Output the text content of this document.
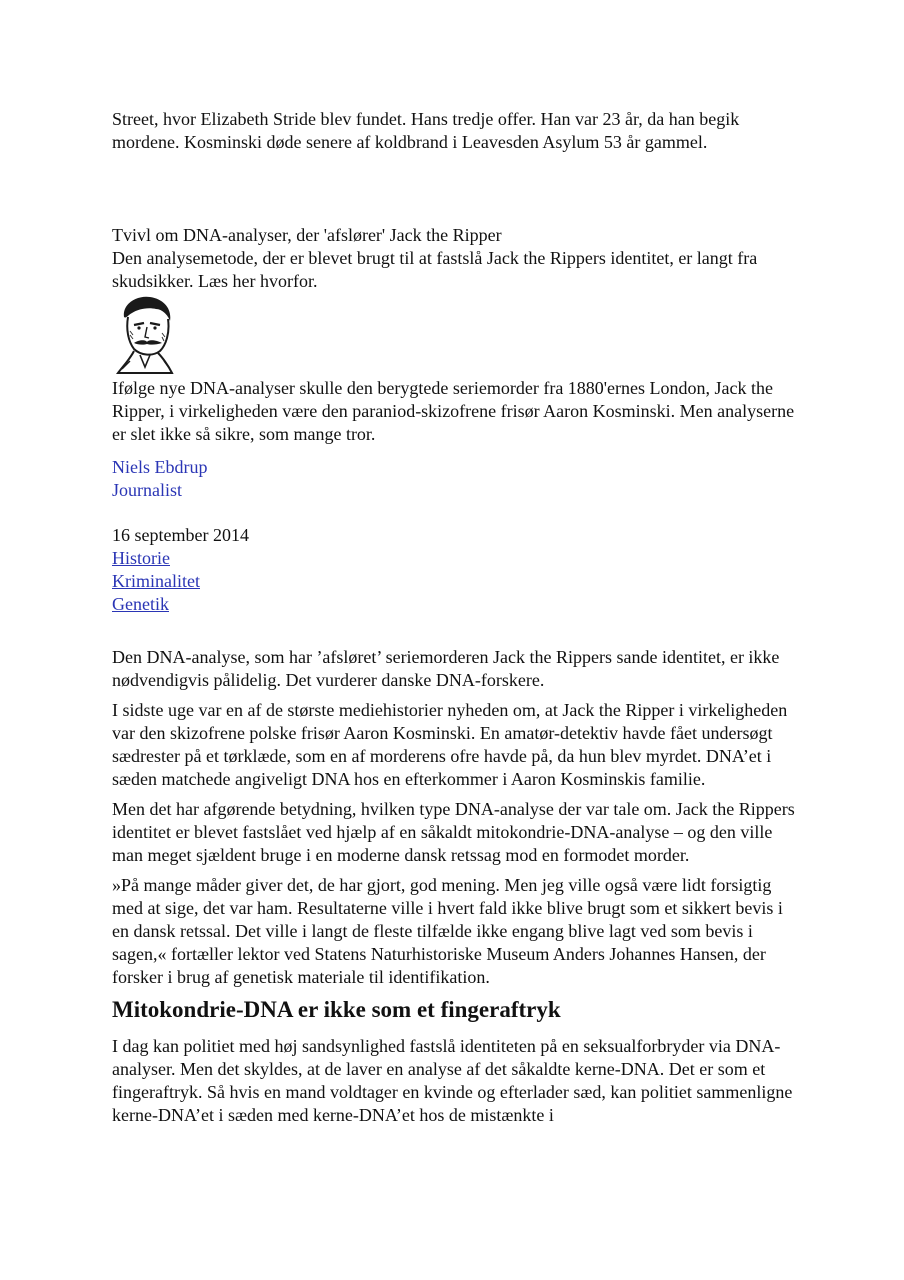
Street, hvor Elizabeth Stride blev fundet. Hans tredje offer. Han var 23 år, da han begik mordene. Kosminski døde senere af koldbrand i Leavesden Asylum 53 år gammel.

Tvivl om DNA-analyser, der 'afslører' Jack the Ripper

Den analysemetode, der er blevet brugt til at fastslå Jack the Rippers identitet, er langt fra skudsikker. Læs her hvorfor.

Ifølge nye DNA-analyser skulle den berygtede seriemorder fra 1880'ernes London, Jack the Ripper, i virkeligheden være den paraniod-skizofrene frisør Aaron Kosminski. Men analyserne er slet ikke så sikre, som mange tror.

Niels Ebdrup

Journalist

16 september 2014

Historie

Kriminalitet

Genetik

Den DNA-analyse, som har ’afsløret’ seriemorderen Jack the Rippers sande identitet, er ikke nødvendigvis pålidelig. Det vurderer danske DNA-forskere.

I sidste uge var en af de største mediehistorier nyheden om, at Jack the Ripper i virkeligheden var den skizofrene polske frisør Aaron Kosminski. En amatør-detektiv havde fået undersøgt sædrester på et tørklæde, som en af morderens ofre havde på, da hun blev myrdet. DNA’et i sæden matchede angiveligt DNA hos en efterkommer i Aaron Kosminskis familie.

Men det har afgørende betydning, hvilken type DNA-analyse der var tale om. Jack the Rippers identitet er blevet fastslået ved hjælp af en såkaldt mitokondrie-DNA-analyse – og den ville man meget sjældent bruge i en moderne dansk retssag mod en formodet morder.

»På mange måder giver det, de har gjort, god mening. Men jeg ville også være lidt forsigtig med at sige, det var ham. Resultaterne ville i hvert fald ikke blive brugt som et sikkert bevis i en dansk retssal. Det ville i langt de fleste tilfælde ikke engang blive lagt ved som bevis i sagen,« fortæller lektor ved Statens Naturhistoriske Museum Anders Johannes Hansen, der forsker i brug af genetisk materiale til identifikation.

Mitokondrie-DNA er ikke som et fingeraftryk

I dag kan politiet med høj sandsynlighed fastslå identiteten på en seksualforbryder via DNA-analyser. Men det skyldes, at de laver en analyse af det såkaldte kerne-DNA. Det er som et fingeraftryk. Så hvis en mand voldtager en kvinde og efterlader sæd, kan politiet sammenligne kerne-DNA’et i sæden med kerne-DNA’et hos de mistænkte i
